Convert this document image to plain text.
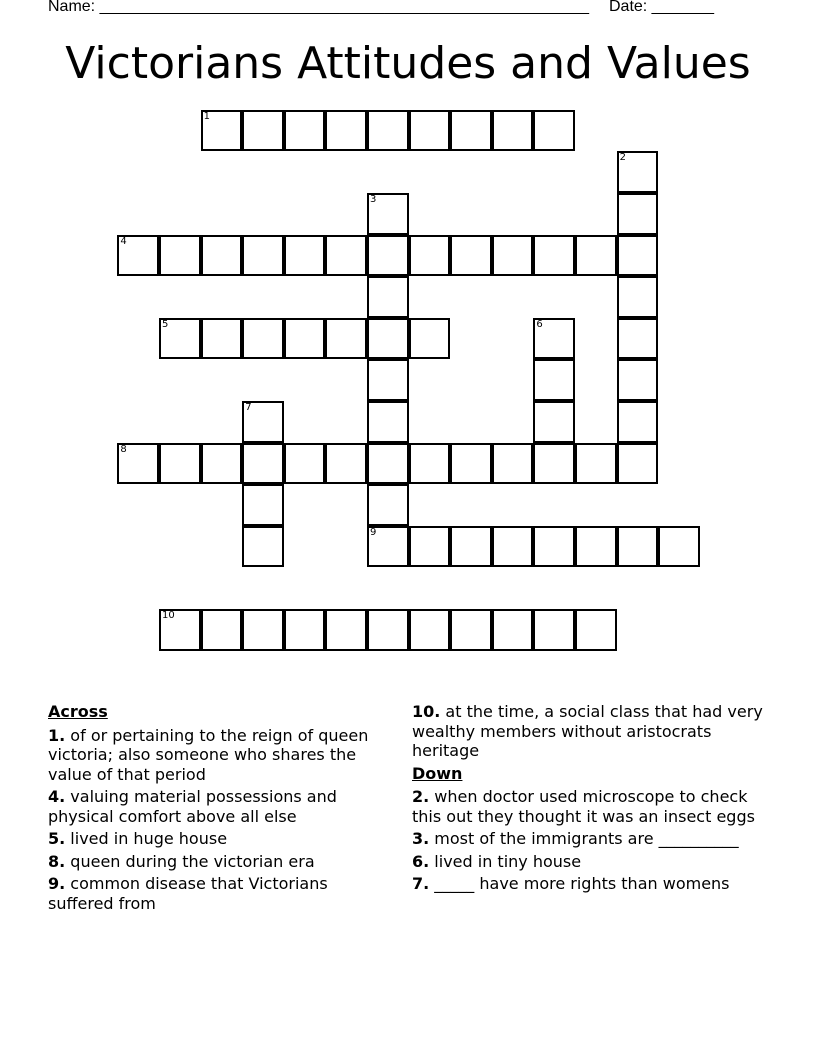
Name: _______________________________________________________ Date: _______
Victorians Attitudes and Values
1
2
3
9
4
5	6
7
8
10
Across
1. of or pertaining to the reign of queen victoria; also someone who shares the value of that period
4. valuing material possessions and physical comfort above all else
5. lived in huge house
8. queen during the victorian era
9. common disease that Victorians suffered from
10. at the time, a social class that had very wealthy members without aristocrats heritage
Down
2. when doctor used microscope to check this out they thought it was an insect eggs
3. most of the immigrants are __________
6. lived in tiny house
7. _____ have more rights than womens
